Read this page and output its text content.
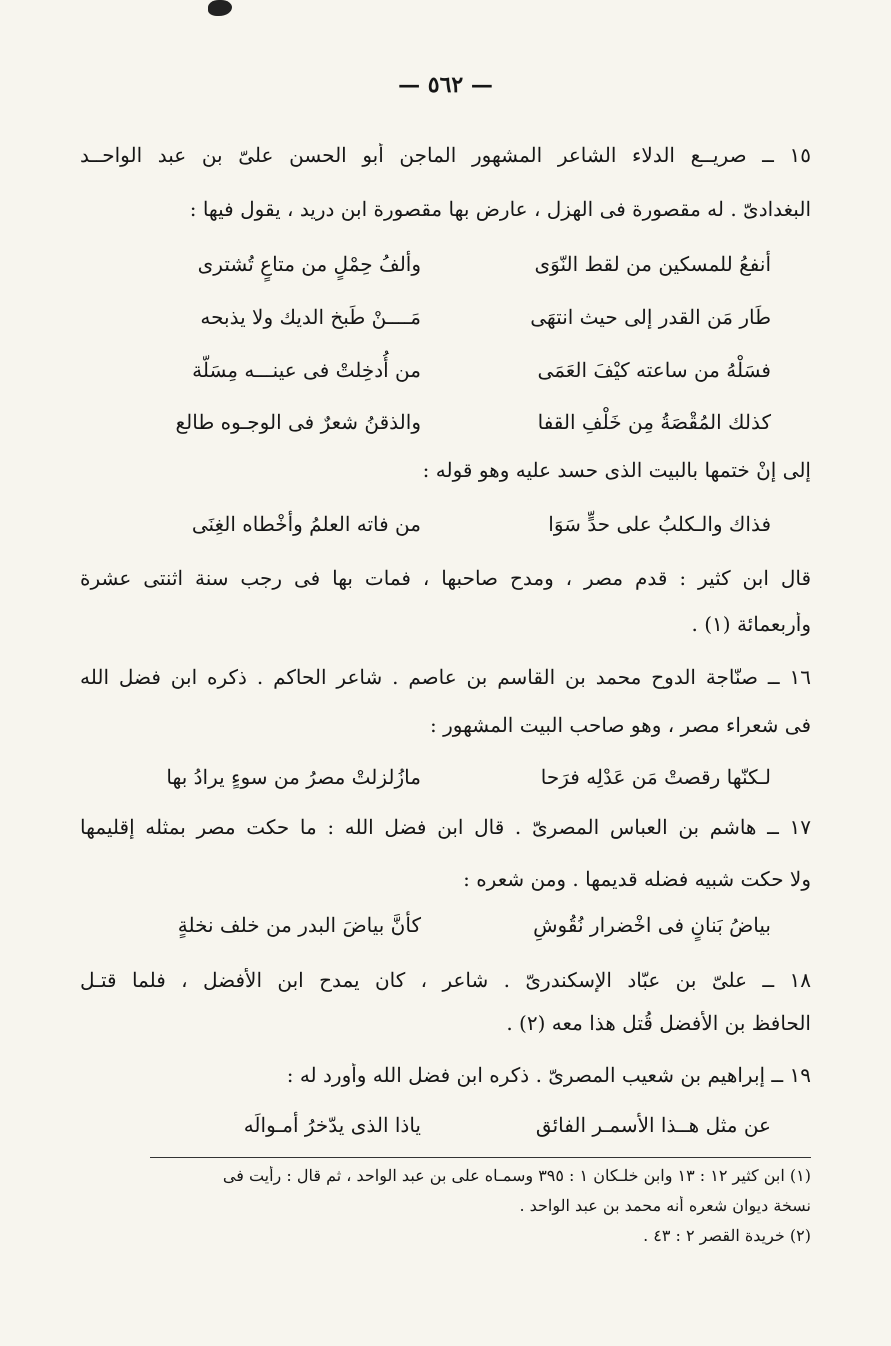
— ٥٦٢ —
١٥ ــ صريــع الدلاء الشاعر المشهور الماجن أبو الحسن علىّ بن عبد الواحــد
البغدادىّ . له مقصورة فى الهزل ، عارض بها مقصورة ابن دريد ، يقول فيها :
أنفعُ للمسكين من لقط النّوَى
وألفُ حِمْلٍ من متاعٍ تُشترى
طَار مَن القدر إلى حيث انتهَى
مَــــنْ طَبخ الديك ولا يذبحه
فسَلْهُ من ساعته كيْفَ العَمَى
من أُدخِلتْ فى عينـــه مِسَلّة
كذلك المُقْصَةُ مِن خَلْفِ القفا
والذقنُ شعرٌ فى الوجـوه طالع
إلى إنْ ختمها بالبيت الذى حسد عليه وهو قوله :
فذاك والـكلبُ على حدٍّ سَوَا
من فاته العلمُ وأخْطاه الغِنَى
قال ابن كثير : قدم مصر ، ومدح صاحبها ، فمات بها فى رجب سنة اثنتى عشرة
وأربعمائة (١) .
١٦ ــ صنّاجة الدوح محمد بن القاسم بن عاصم . شاعر الحاكم . ذكره ابن فضل الله
فى شعراء مصر ، وهو صاحب البيت المشهور :
لـكنّها رقصتْ مَن عَدْلِه فرَحا
مازُلزلتْ مصرُ من سوءٍ يرادُ بها
١٧ ــ هاشم بن العباس المصرىّ . قال ابن فضل الله : ما حكت مصر بمثله إقليمها
ولا حكت شبيه فضله قديمها . ومن شعره :
بياضُ بَنانٍ فى اخْضرار نُقُوشِ
كأنَّ بياضَ البدر من خلف نخلةٍ
١٨ ــ علىّ بن عبّاد الإسكندرىّ . شاعر ، كان يمدح ابن الأفضل ، فلما قتـل
الحافظ بن الأفضل قُتل هذا معه (٢) .
١٩ ــ إبراهيم بن شعيب المصرىّ . ذكره ابن فضل الله وأورد له :
عن مثل هــذا الأسمـر الفائق
ياذا الذى يدّخرُ أمـوالَه
(١) ابن كثير ١٢ : ١٣ وابن خلـكان ١ : ٣٩٥ وسمـاه على بن عبد الواحد ، ثم قال : رأيت فى
نسخة ديوان شعره أنه محمد بن عبد الواحد .
(٢) خريدة القصر ٢ : ٤٣ .
